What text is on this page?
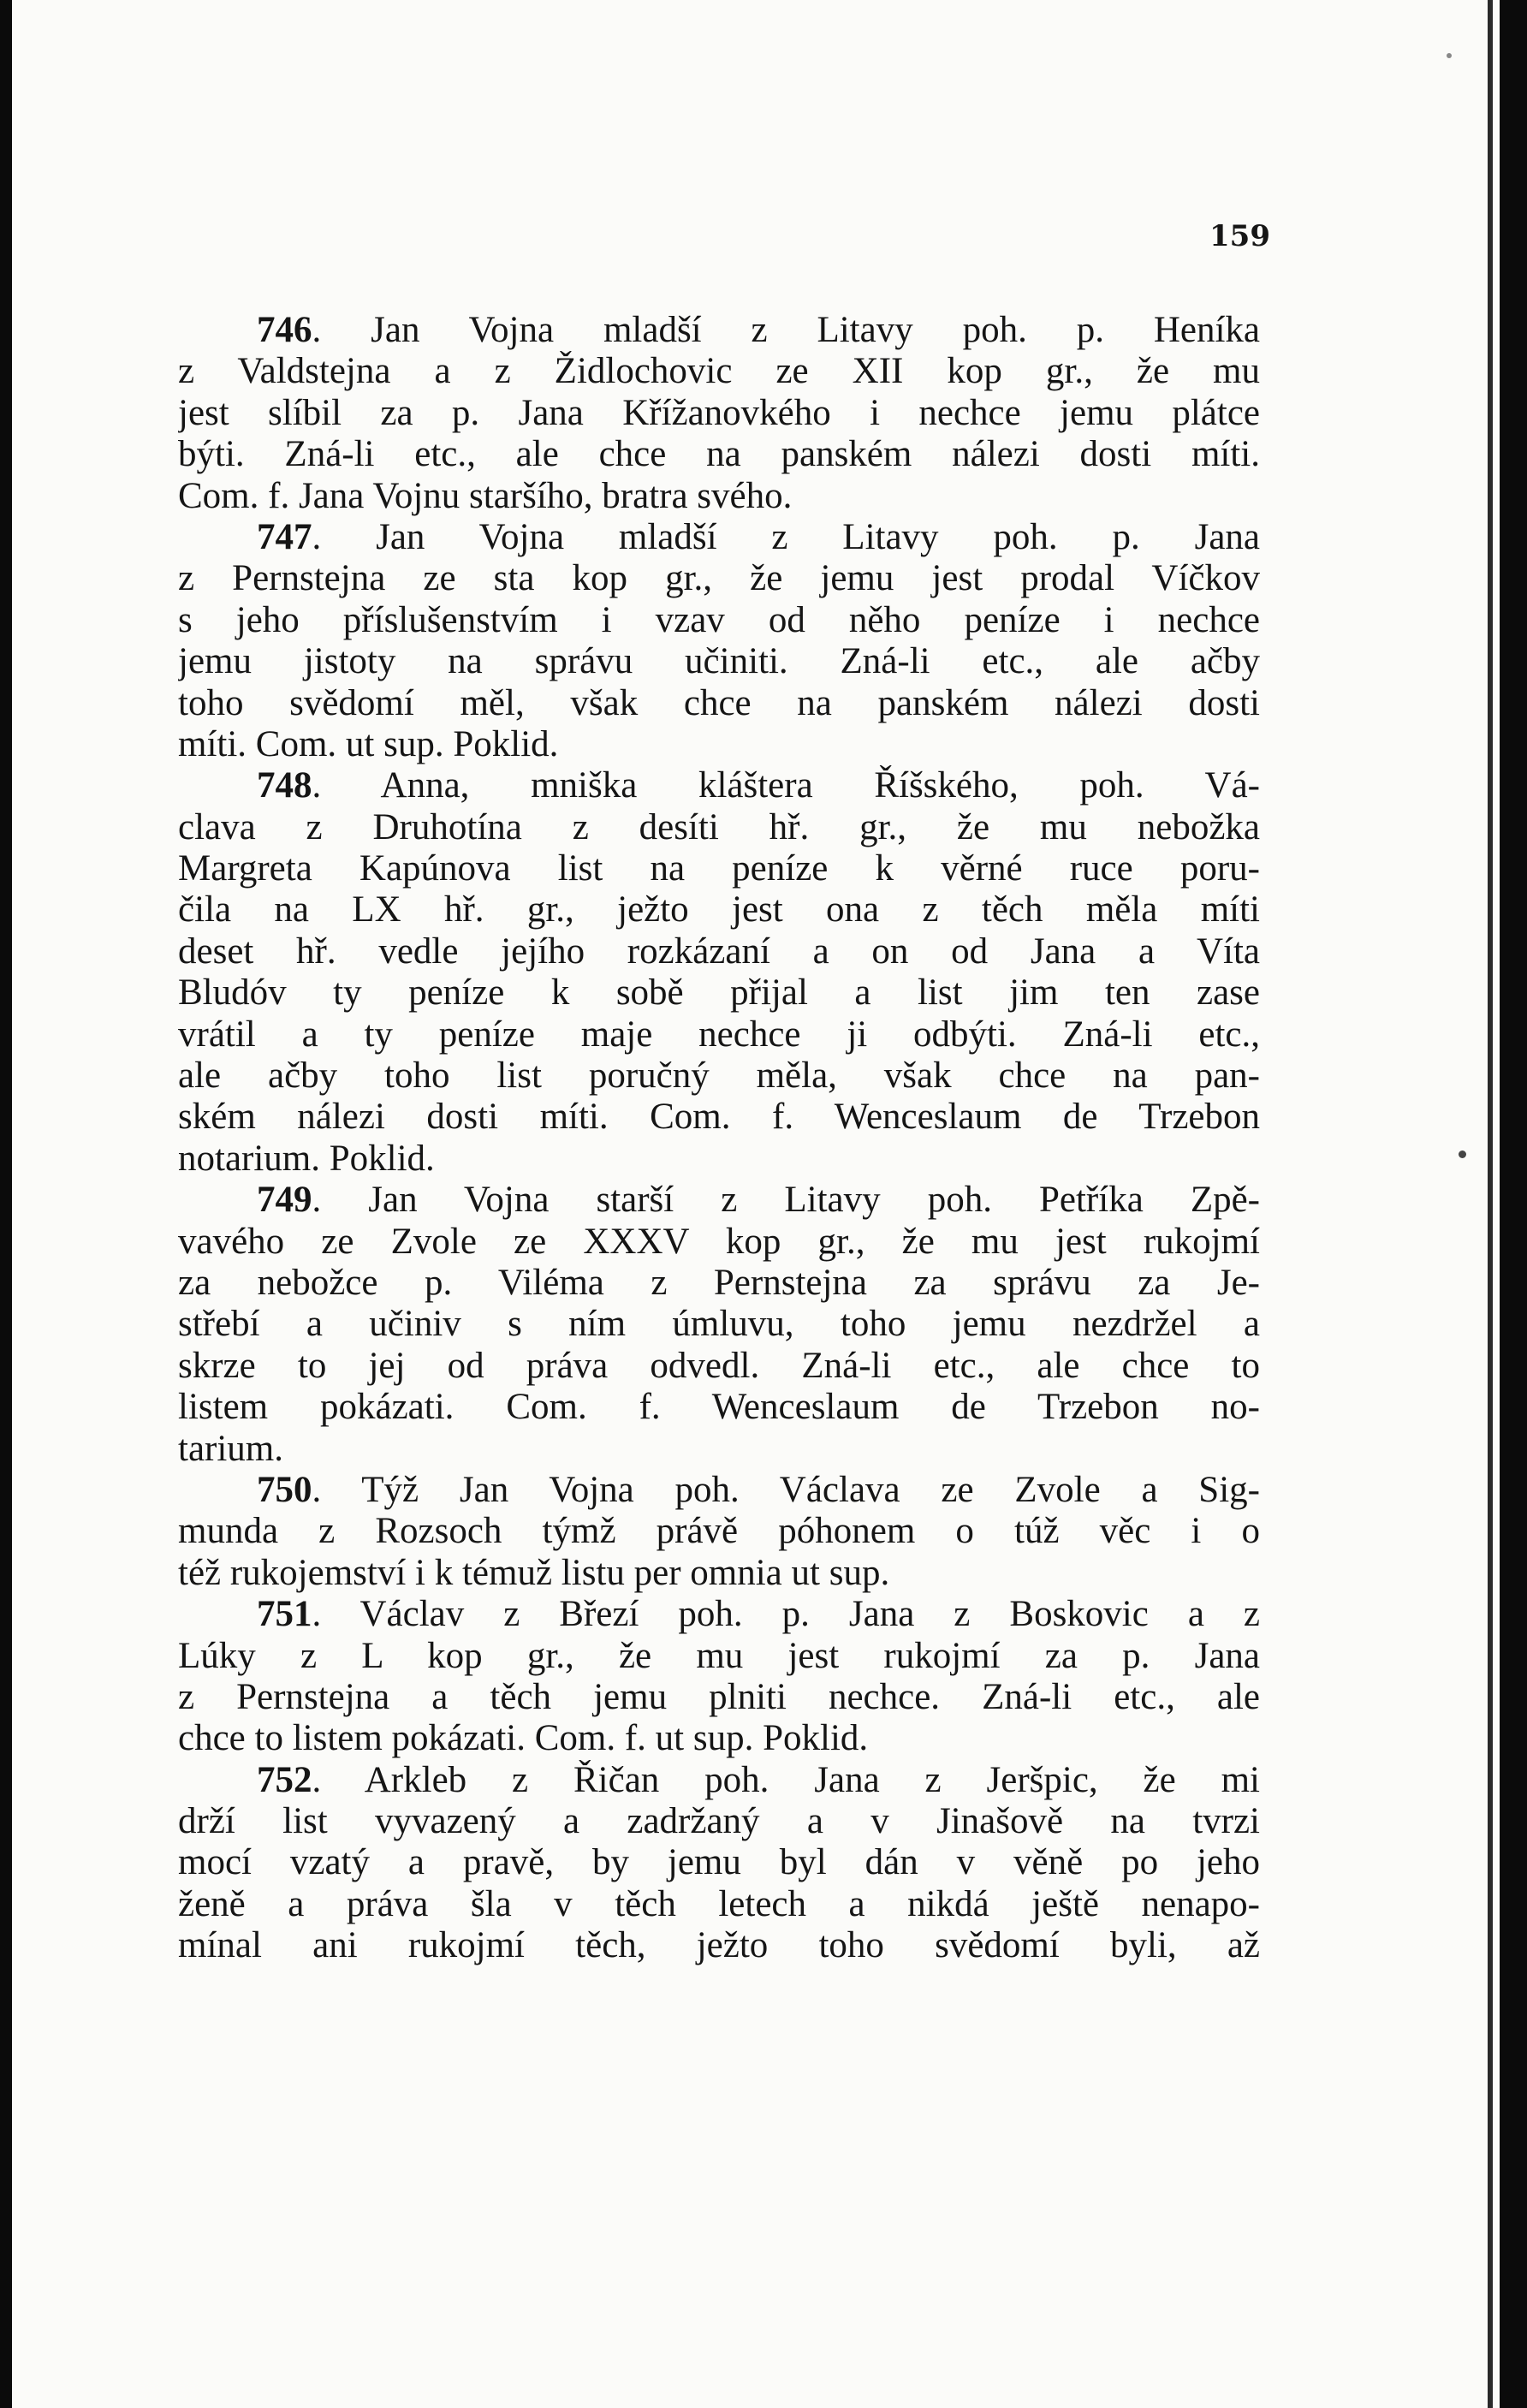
159
746. Jan Vojna mladší z Litavy poh. p. Heníka
z Valdstejna a z Židlochovic ze XII kop gr., že mu
jest slíbil za p. Jana Křížanovkého i nechce jemu plátce
býti. Zná-li etc., ale chce na panském nálezi dosti míti.
Com. f. Jana Vojnu staršího, bratra svého.
747. Jan Vojna mladší z Litavy poh. p. Jana
z Pernstejna ze sta kop gr., že jemu jest prodal Víčkov
s jeho příslušenstvím i vzav od něho peníze i nechce
jemu jistoty na správu učiniti. Zná-li etc., ale ačby
toho svědomí měl, však chce na panském nálezi dosti
míti. Com. ut sup. Poklid.
748. Anna, mniška kláštera Říšského, poh. Vá-
clava z Druhotína z desíti hř. gr., že mu nebožka
Margreta Kapúnova list na peníze k věrné ruce poru-
čila na LX hř. gr., ježto jest ona z těch měla míti
deset hř. vedle jejího rozkázaní a on od Jana a Víta
Bludóv ty peníze k sobě přijal a list jim ten zase
vrátil a ty peníze maje nechce ji odbýti. Zná-li etc.,
ale ačby toho list poručný měla, však chce na pan-
ském nálezi dosti míti. Com. f. Wenceslaum de Trzebon
notarium. Poklid.
749. Jan Vojna starší z Litavy poh. Petříka Zpě-
vavého ze Zvole ze XXXV kop gr., že mu jest rukojmí
za nebožce p. Viléma z Pernstejna za správu za Je-
střebí a učiniv s ním úmluvu, toho jemu nezdržel a
skrze to jej od práva odvedl. Zná-li etc., ale chce to
listem pokázati. Com. f. Wenceslaum de Trzebon no-
tarium.
750. Týž Jan Vojna poh. Václava ze Zvole a Sig-
munda z Rozsoch týmž právě póhonem o túž věc i o
též rukojemství i k témuž listu per omnia ut sup.
751. Václav z Březí poh. p. Jana z Boskovic a z
Lúky z L kop gr., že mu jest rukojmí za p. Jana
z Pernstejna a těch jemu plniti nechce. Zná-li etc., ale
chce to listem pokázati. Com. f. ut sup. Poklid.
752. Arkleb z Řičan poh. Jana z Jeršpic, že mi
drží list vyvazený a zadržaný a v Jinašově na tvrzi
mocí vzatý a pravě, by jemu byl dán v věně po jeho
ženě a práva šla v těch letech a nikdá ještě nenapo-
mínal ani rukojmí těch, ježto toho svědomí byli, až
